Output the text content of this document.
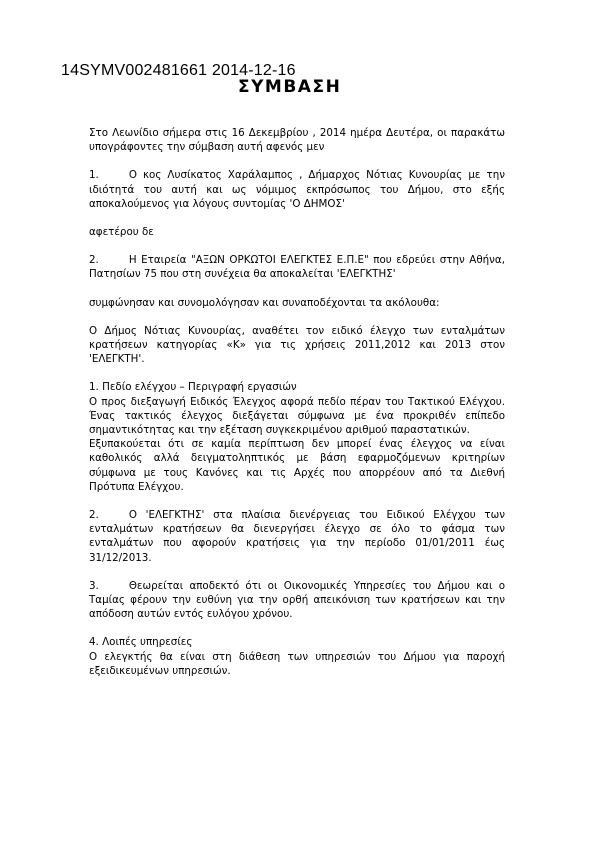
14SYMV002481661 2014-12-16
ΣΥΜΒΑΣΗ

Στο Λεωνίδιο σήμερα στις 16 Δεκεμβρίου , 2014 ημέρα Δευτέρα, οι παρακάτω υπογράφοντες την σύμβαση αυτή αφενός μεν

1.	Ο κος Λυσίκατος Χαράλαμπος , Δήμαρχος Νότιας Κυνουρίας με την ιδιότητά του αυτή και ως νόμιμος εκπρόσωπος του Δήμου, στο εξής αποκαλούμενος για λόγους συντομίας 'Ο ΔΗΜΟΣ'

αφετέρου δε

2.	Η Εταιρεία "ΑΞΩΝ ΟΡΚΩΤΟΙ ΕΛΕΓΚΤΕΣ Ε.Π.Ε" που εδρεύει στην Αθήνα, Πατησίων 75 που στη συνέχεια θα αποκαλείται 'ΕΛΕΓΚΤΗΣ'

συμφώνησαν και συνομολόγησαν και συναποδέχονται τα ακόλουθα:

Ο Δήμος Νότιας Κυνουρίας, αναθέτει τον ειδικό έλεγχο των ενταλμάτων κρατήσεων κατηγορίας «Κ» για τις χρήσεις 2011,2012 και 2013 στον 'ΕΛΕΓΚΤΗ'.

1. Πεδίο ελέγχου – Περιγραφή εργασιών

Ο προς διεξαγωγή Ειδικός Έλεγχος αφορά πεδίο πέραν του Τακτικού Ελέγχου. Ένας τακτικός έλεγχος διεξάγεται σύμφωνα με ένα προκριθέν επίπεδο σημαντικότητας και την εξέταση συγκεκριμένου αριθμού παραστατικών.

Εξυπακούεται ότι σε καμία περίπτωση δεν μπορεί ένας έλεγχος να είναι καθολικός αλλά δειγματοληπτικός με βάση εφαρμοζόμενων κριτηρίων σύμφωνα με τους Κανόνες και τις Αρχές που απορρέουν από τα Διεθνή Πρότυπα Ελέγχου.

2.	Ο 'ΕΛΕΓΚΤΗΣ' στα πλαίσια διενέργειας του Ειδικού Ελέγχου των ενταλμάτων κρατήσεων θα διενεργήσει έλεγχο σε όλο το φάσμα των ενταλμάτων που αφορούν κρατήσεις για την περίοδο 01/01/2011 έως 31/12/2013.

3.	Θεωρείται αποδεκτό ότι οι Οικονομικές Υπηρεσίες του Δήμου και ο Ταμίας φέρουν την ευθύνη για την ορθή απεικόνιση των κρατήσεων και την απόδοση αυτών εντός ευλόγου χρόνου.

4. Λοιπές υπηρεσίες

Ο ελεγκτής θα είναι στη διάθεση των υπηρεσιών του Δήμου για παροχή εξειδικευμένων υπηρεσιών.
